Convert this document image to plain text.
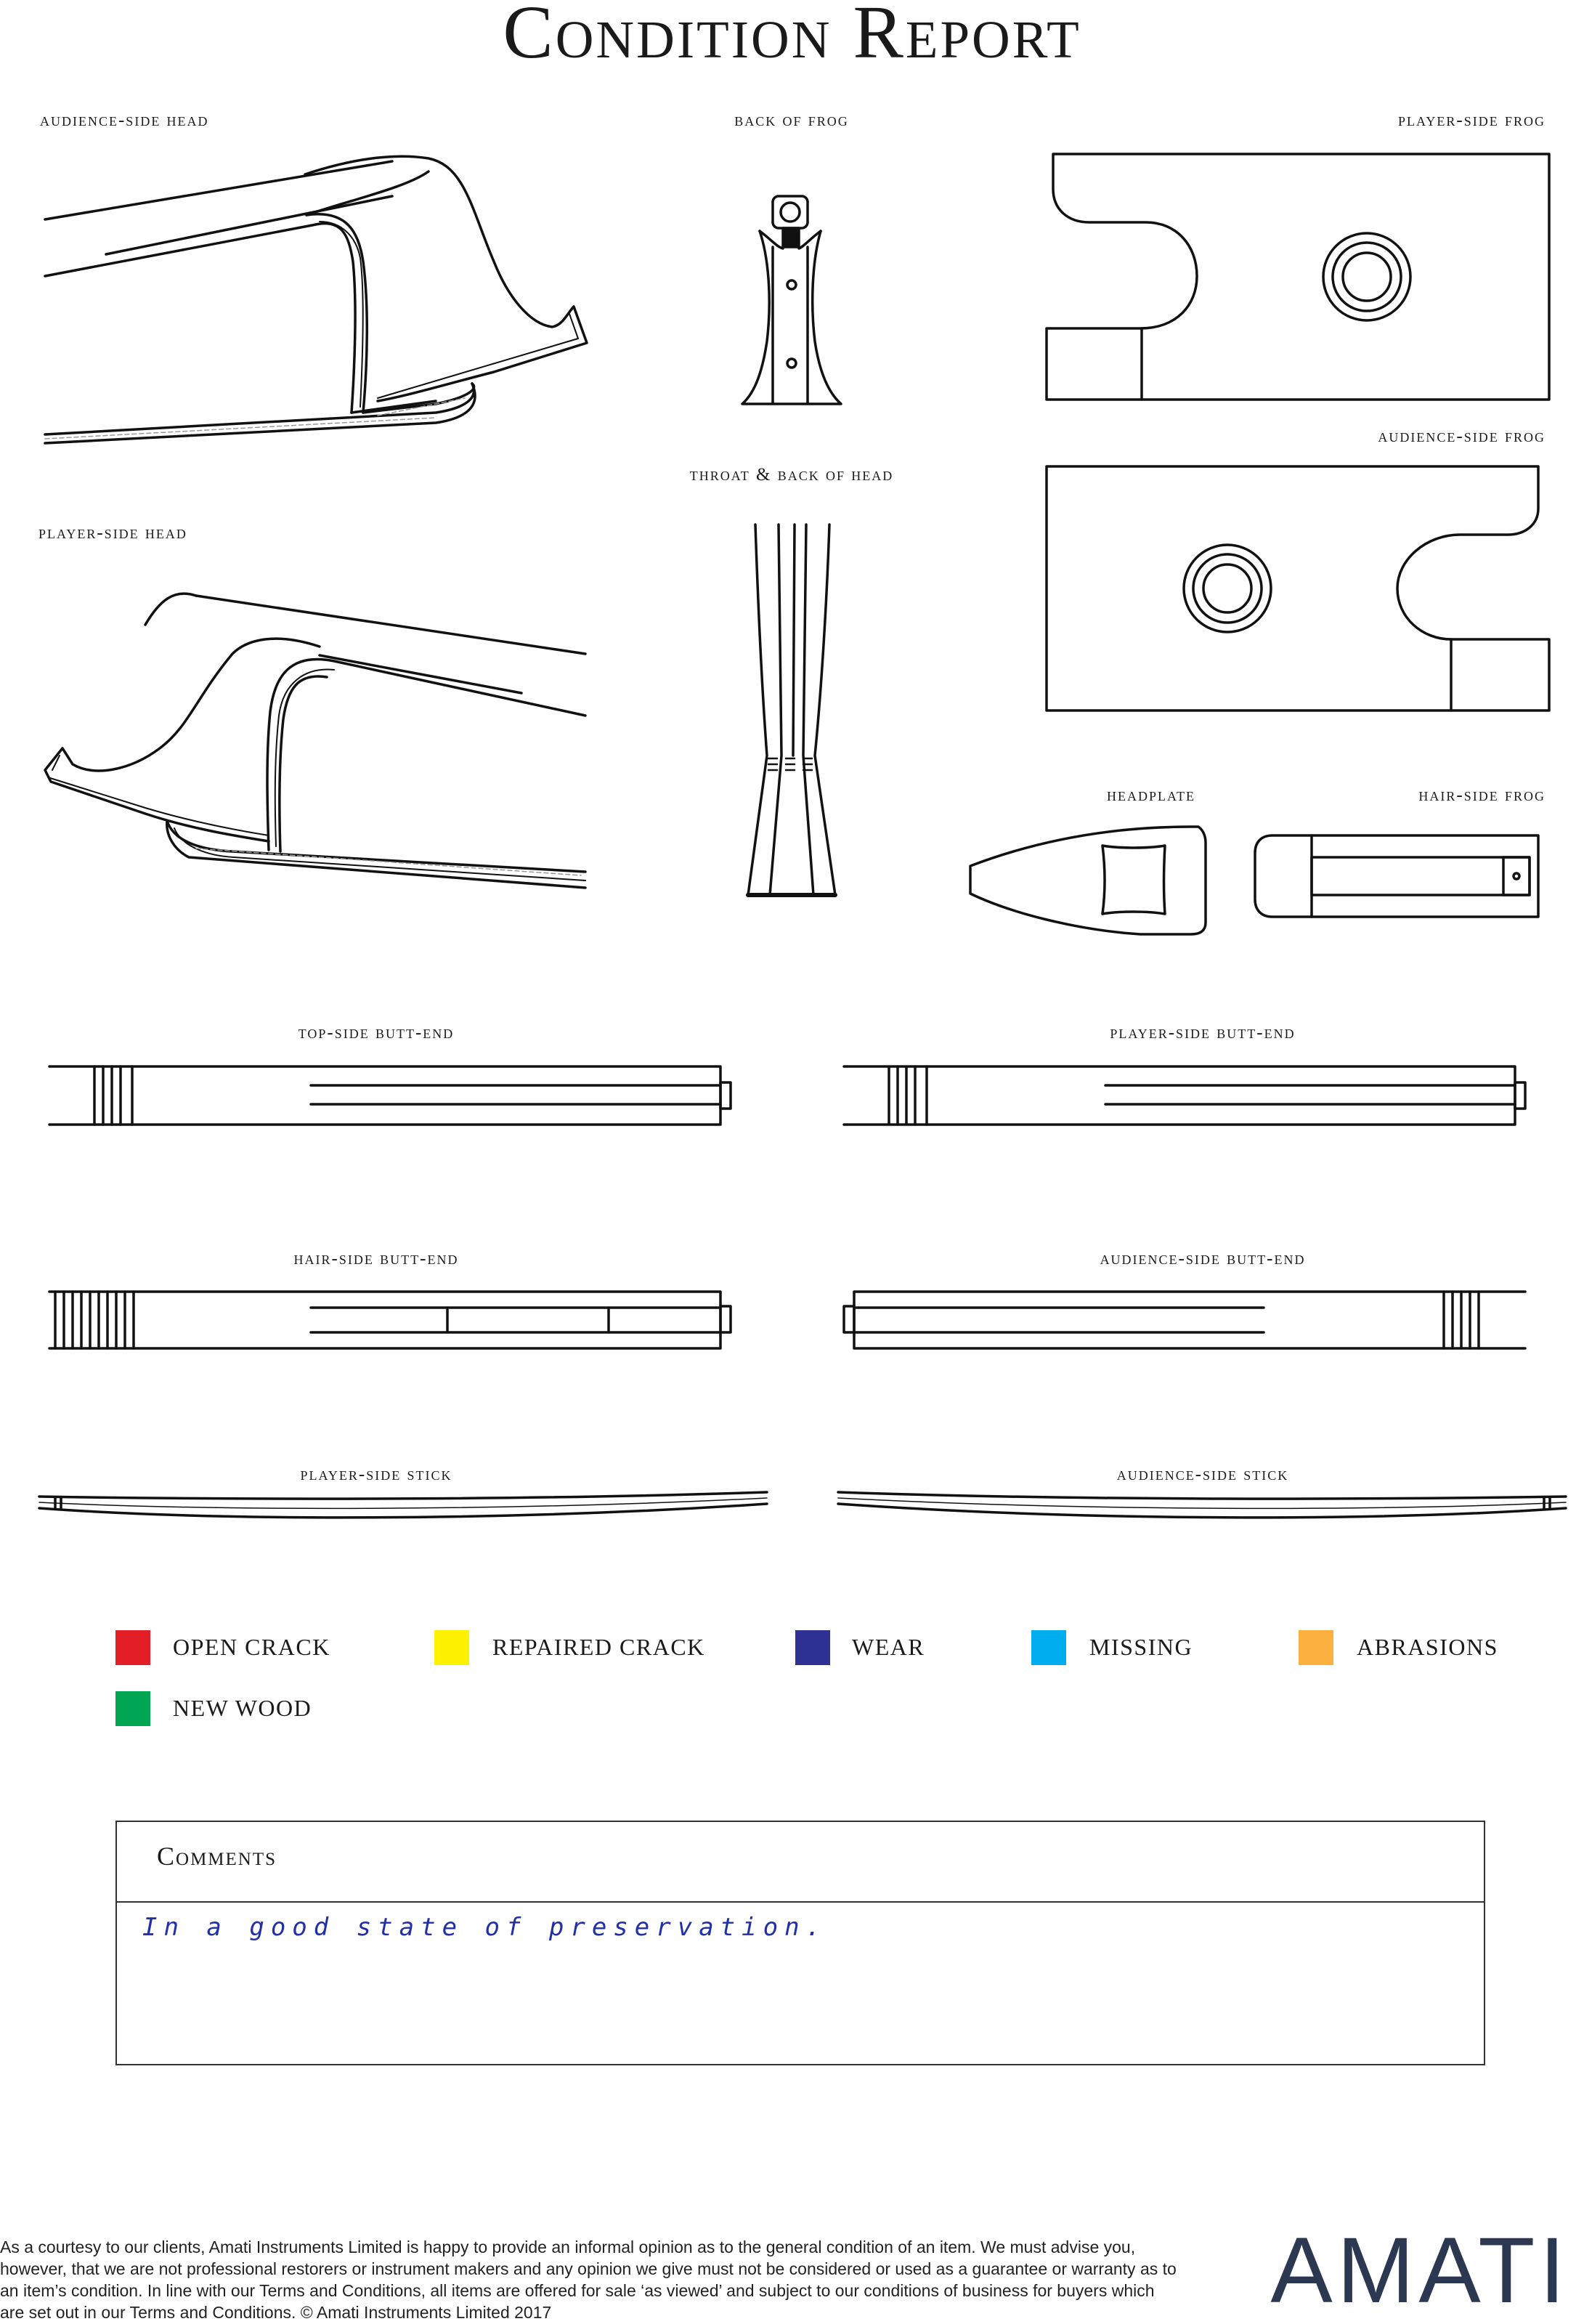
Condition Report
audience-side head	back of frog	player-side frog
throat & back of head
audience-side frog
player-side head
headplate	hair-side frog
top-side butt-end	player-side butt-end
hair-side butt-end	audience-side butt-end
player-side stick	audience-side stick
OPEN CRACK	REPAIRED CRACK	WEAR	MISSING	ABRASIONS
NEW WOOD
Comments
In a good state of preservation.
As a courtesy to our clients, Amati Instruments Limited is happy to provide an informal opinion as to the general condition of an item. We must advise you, however, that we are not professional restorers or instrument makers and any opinion we give must not be considered or used as a guarantee or warranty as to an item’s condition. In line with our Terms and Conditions, all items are offered for sale ‘as viewed’ and subject to our conditions of business for buyers which are set out in our Terms and Conditions. © Amati Instruments Limited 2017	AMATI
